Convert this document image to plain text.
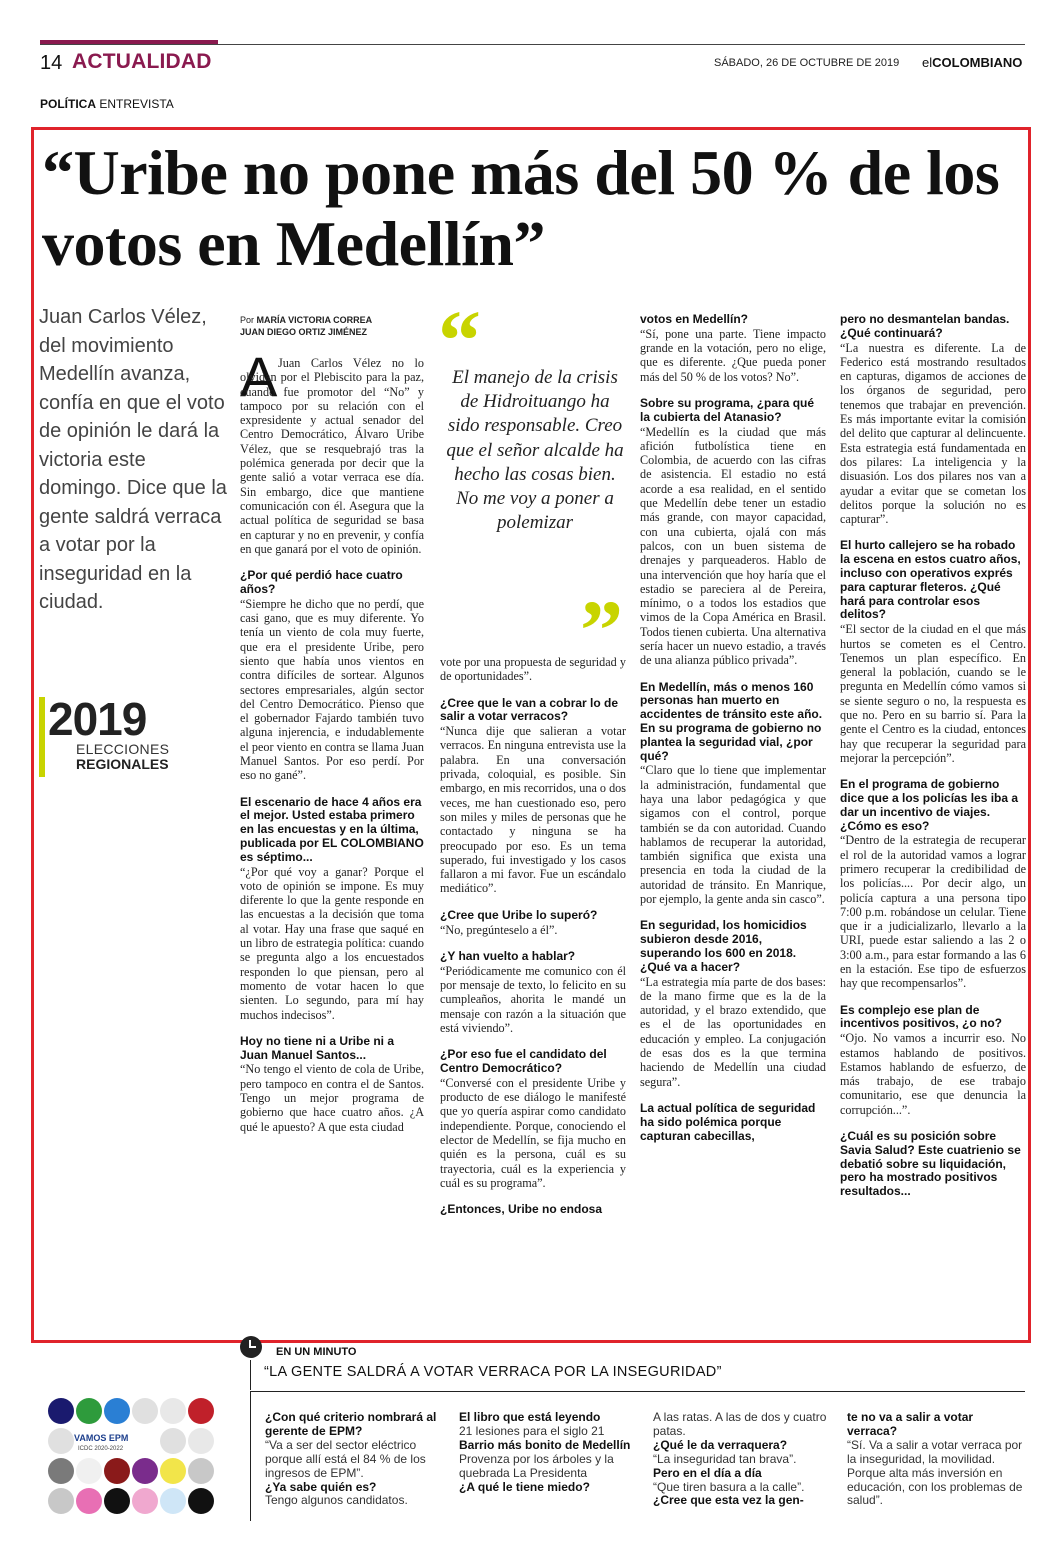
14 ACTUALIDAD	SÁBADO, 26 DE OCTUBRE DE 2019 elCOLOMBIANO
POLÍTICA ENTREVISTA
“Uribe no pone más del 50 % de los votos en Medellín”
Juan Carlos Vélez, del movimiento Medellín avanza, confía en que el voto de opinión le dará la victoria este domingo. Dice que la gente saldrá verraca a votar por la inseguridad en la ciudad.
2019
ELECCIONES
REGIONALES
Por MARÍA VICTORIA CORREA
JUAN DIEGO ORTIZ JIMÉNEZ
A Juan Carlos Vélez no lo olvidan por el Plebiscito para la paz, cuando fue promotor del “No” y tampoco por su relación con el expresidente y actual senador del Centro Democrático, Álvaro Uribe Vélez, que se resquebrajó tras la polémica generada por decir que la gente salió a votar verraca ese día. Sin embargo, dice que mantiene comunicación con él. Asegura que la actual política de seguridad se basa en capturar y no en prevenir, y confía en que ganará por el voto de opinión.

¿Por qué perdió hace cuatro años?

“Siempre he dicho que no perdí, que casi gano, que es muy diferente. Yo tenía un viento de cola muy fuerte, que era el presidente Uribe, pero siento que había unos vientos en contra difíciles de sortear. Algunos sectores empresariales, algún sector del Centro Democrático. Pienso que el gobernador Fajardo también tuvo alguna injerencia, e indudablemente el peor viento en contra se llama Juan Manuel Santos. Por eso perdí. Por eso no gané”.

El escenario de hace 4 años era el mejor. Usted estaba primero en las encuestas y en la última, publicada por EL COLOMBIANO es séptimo...

“¿Por qué voy a ganar? Porque el voto de opinión se impone. Es muy diferente lo que la gente responde en las encuestas a la decisión que toma al votar. Hay una frase que saqué en un libro de estrategia política: cuando se pregunta algo a los encuestados responden lo que piensan, pero al momento de votar hacen lo que sienten. Lo segundo, para mí hay muchos indecisos”.

Hoy no tiene ni a Uribe ni a Juan Manuel Santos...

“No tengo el viento de cola de Uribe, pero tampoco en contra el de Santos. Tengo un mejor programa de gobierno que hace cuatro años. ¿A qué le apuesto? A que esta ciudad

“
El manejo de la crisis de Hidroituango ha sido responsable. Creo que el señor alcalde ha hecho las cosas bien. No me voy a poner a polemizar
”

vote por una propuesta de seguridad y de oportunidades”.

¿Cree que le van a cobrar lo de salir a votar verracos?

“Nunca dije que salieran a votar verracos. En ninguna entrevista use la palabra. En una conversación privada, coloquial, es posible. Sin embargo, en mis recorridos, una o dos veces, me han cuestionado eso, pero son miles y miles de personas que he contactado y ninguna se ha preocupado por eso. Es un tema superado, fui investigado y los casos fallaron a mi favor. Fue un escándalo mediático”.

¿Cree que Uribe lo superó?

“No, pregúnteselo a él”.

¿Y han vuelto a hablar?

“Periódicamente me comunico con él por mensaje de texto, lo felicito en su cumpleaños, ahorita le mandé un mensaje con razón a la situación que está viviendo”.

¿Por eso fue el candidato del Centro Democrático?

“Conversé con el presidente Uribe y producto de ese diálogo le manifesté que yo quería aspirar como candidato independiente. Porque, conociendo el elector de Medellín, se fija mucho en quién es la persona, cuál es su trayectoria, cuál es la experiencia y cuál es su programa”.

¿Entonces, Uribe no endosa

votos en Medellín?

“Sí, pone una parte. Tiene impacto grande en la votación, pero no elige, que es diferente. ¿Que pueda poner más del 50 % de los votos? No”.

Sobre su programa, ¿para qué la cubierta del Atanasio?

“Medellín es la ciudad que más afición futbolística tiene en Colombia, de acuerdo con las cifras de asistencia. El estadio no está acorde a esa realidad, en el sentido que Medellín debe tener un estadio más grande, con mayor capacidad, con una cubierta, ojalá con más palcos, con un buen sistema de drenajes y parqueaderos. Hablo de una intervención que hoy haría que el estadio se pareciera al de Pereira, mínimo, o a todos los estadios que vimos de la Copa América en Brasil. Todos tienen cubierta. Una alternativa sería hacer un nuevo estadio, a través de una alianza público privada”.

En Medellín, más o menos 160 personas han muerto en accidentes de tránsito este año. En su programa de gobierno no plantea la seguridad vial, ¿por qué?

“Claro que lo tiene que implementar la administración, fundamental que haya una labor pedagógica y que sigamos con el control, porque también se da con autoridad. Cuando hablamos de recuperar la autoridad, también significa que exista una presencia en toda la ciudad de la autoridad de tránsito. En Manrique, por ejemplo, la gente anda sin casco”.

En seguridad, los homicidios subieron desde 2016, superando los 600 en 2018. ¿Qué va a hacer?

“La estrategia mía parte de dos bases: de la mano firme que es la de la autoridad, y el brazo extendido, que es el de las oportunidades en educación y empleo. La conjugación de esas dos es la que termina haciendo de Medellín una ciudad segura”.

La actual política de seguridad ha sido polémica porque capturan cabecillas,

pero no desmantelan bandas. ¿Qué continuará?

“La nuestra es diferente. La de Federico está mostrando resultados en capturas, digamos de acciones de los órganos de seguridad, pero tenemos que trabajar en prevención. Es más importante evitar la comisión del delito que capturar al delincuente. Esta estrategia está fundamentada en dos pilares: La inteligencia y la disuasión. Los dos pilares nos van a ayudar a evitar que se cometan los delitos porque la solución no es capturar”.

El hurto callejero se ha robado la escena en estos cuatro años, incluso con operativos exprés para capturar fleteros. ¿Qué hará para controlar esos delitos?

“El sector de la ciudad en el que más hurtos se cometen es el Centro. Tenemos un plan específico. En general la población, cuando se le pregunta en Medellín cómo vamos si se siente seguro o no, la respuesta es que no. Pero en su barrio sí. Para la gente el Centro es la ciudad, entonces hay que recuperar la seguridad para mejorar la percepción”.

En el programa de gobierno dice que a los policías les iba a dar un incentivo de viajes. ¿Cómo es eso?

“Dentro de la estrategia de recuperar el rol de la autoridad vamos a lograr primero recuperar la credibilidad de los policías.... Por decir algo, un policía captura a una persona tipo 7:00 p.m. robándose un celular. Tiene que ir a judicializarlo, llevarlo a la URI, puede estar saliendo a las 2 o 3:00 a.m., para estar formando a las 6 en la estación. Ese tipo de esfuerzos hay que recompensarlos”.

Es complejo ese plan de incentivos positivos, ¿o no?

“Ojo. No vamos a incurrir eso. No estamos hablando de positivos. Estamos hablando de esfuerzo, de más trabajo, de ese trabajo comunitario, ese que denuncia la corrupción...”.

¿Cuál es su posición sobre Savia Salud? Este cuatrienio se debatió sobre su liquidación, pero ha mostrado positivos resultados...

EN UN MINUTO
“LA GENTE SALDRÁ A VOTAR VERRACA POR LA INSEGURIDAD”
¿Con qué criterio nombrará al gerente de EPM?
“Va a ser del sector eléctrico porque allí está el 84 % de los ingresos de EPM”.
¿Ya sabe quién es?
Tengo algunos candidatos.
El libro que está leyendo
21 lesiones para el siglo 21
Barrio más bonito de Medellín
Provenza por los árboles y la quebrada La Presidenta
¿A qué le tiene miedo?
A las ratas. A las de dos y cuatro patas.
¿Qué le da verraquera?
“La inseguridad tan brava”.
Pero en el día a día
“Que tiren basura a la calle”.
¿Cree que esta vez la gen-
te no va a salir a votar verraca?
“Sí. Va a salir a votar verraca por la inseguridad, la movilidad. Porque alta más inversión en educación, con los problemas de salud”.
VAMOS EPM
ICDC 2020-2022
